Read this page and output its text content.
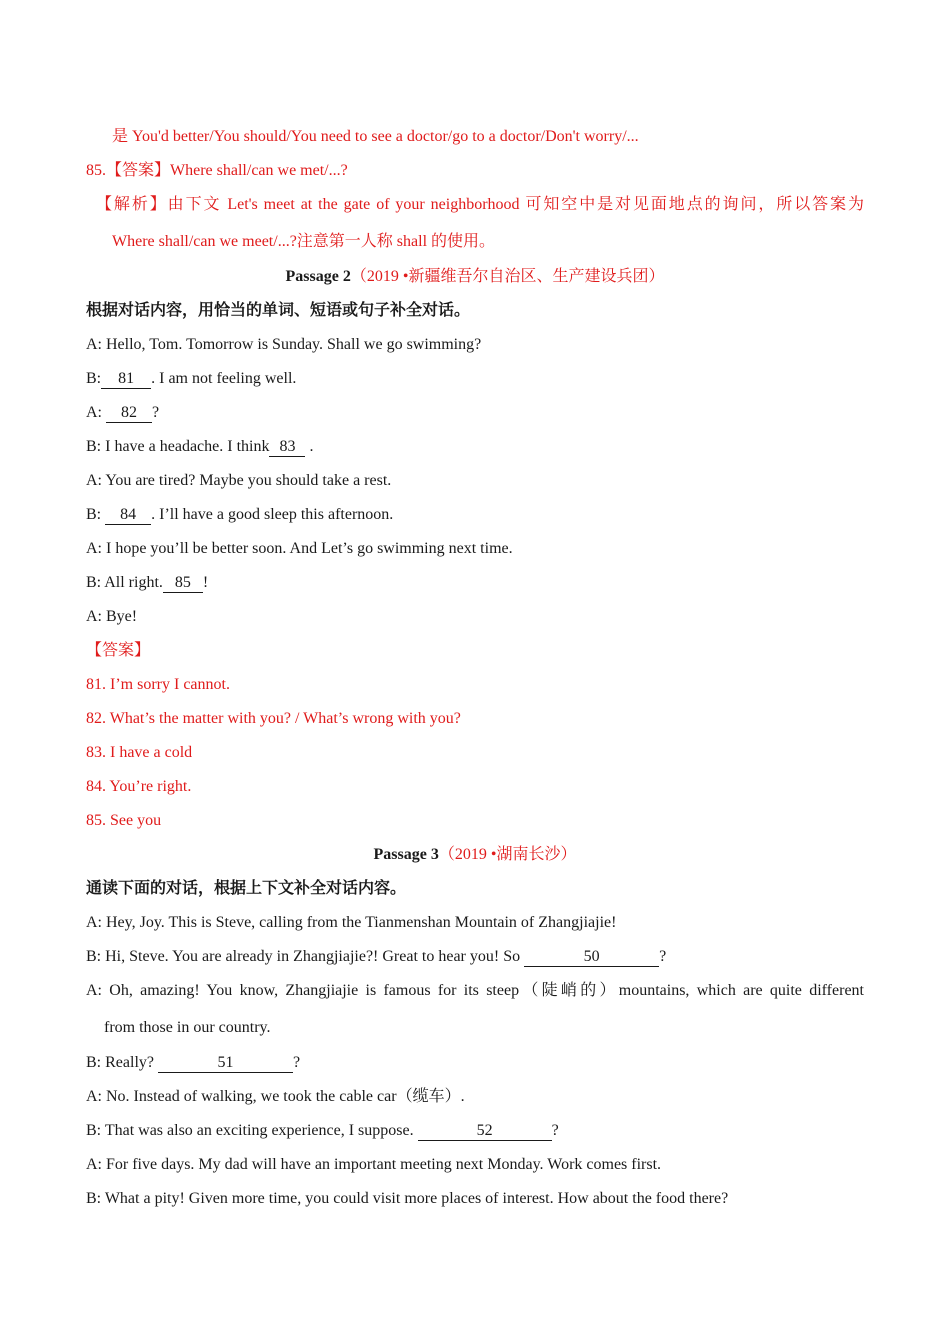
是 You'd better/You should/You need to see a doctor/go to a doctor/Don't worry/...
85.【答案】Where shall/can we met/...?
【解析】由下文 Let's meet at the gate of your neighborhood 可知空中是对见面地点的询问，所以答案为
Where shall/can we meet/...?注意第一人称 shall 的使用。
Passage 2（2019 •新疆维吾尔自治区、生产建设兵团）
根据对话内容，用恰当的单词、短语或句子补全对话。
A: Hello, Tom. Tomorrow is Sunday. Shall we go swimming?
B: 81 . I am not feeling well.
A: 82 ?
B: I have a headache. I think 83 .
A: You are tired? Maybe you should take a rest.
B: 84 . I’ll have a good sleep this afternoon.
A: I hope you’ll be better soon. And Let’s go swimming next time.
B: All right. 85 !
A: Bye!
【答案】
81. I’m sorry I cannot.
82. What’s the matter with you? / What’s wrong with you?
83. I have a cold
84. You’re right.
85. See you
Passage 3（2019 •湖南长沙）
通读下面的对话，根据上下文补全对话内容。
A: Hey, Joy. This is Steve, calling from the Tianmenshan Mountain of Zhangjiajie!
B: Hi, Steve. You are already in Zhangjiajie?! Great to hear you! So	50	?
A: Oh, amazing! You know, Zhangjiajie is famous for its steep（陡峭的）mountains, which are quite different
from those in our country.
B: Really?	51	?
A: No. Instead of walking, we took the cable car（缆车）.
B: That was also an exciting experience, I suppose.	52	?
A: For five days. My dad will have an important meeting next Monday. Work comes first.
B: What a pity! Given more time, you could visit more places of interest. How about the food there?
